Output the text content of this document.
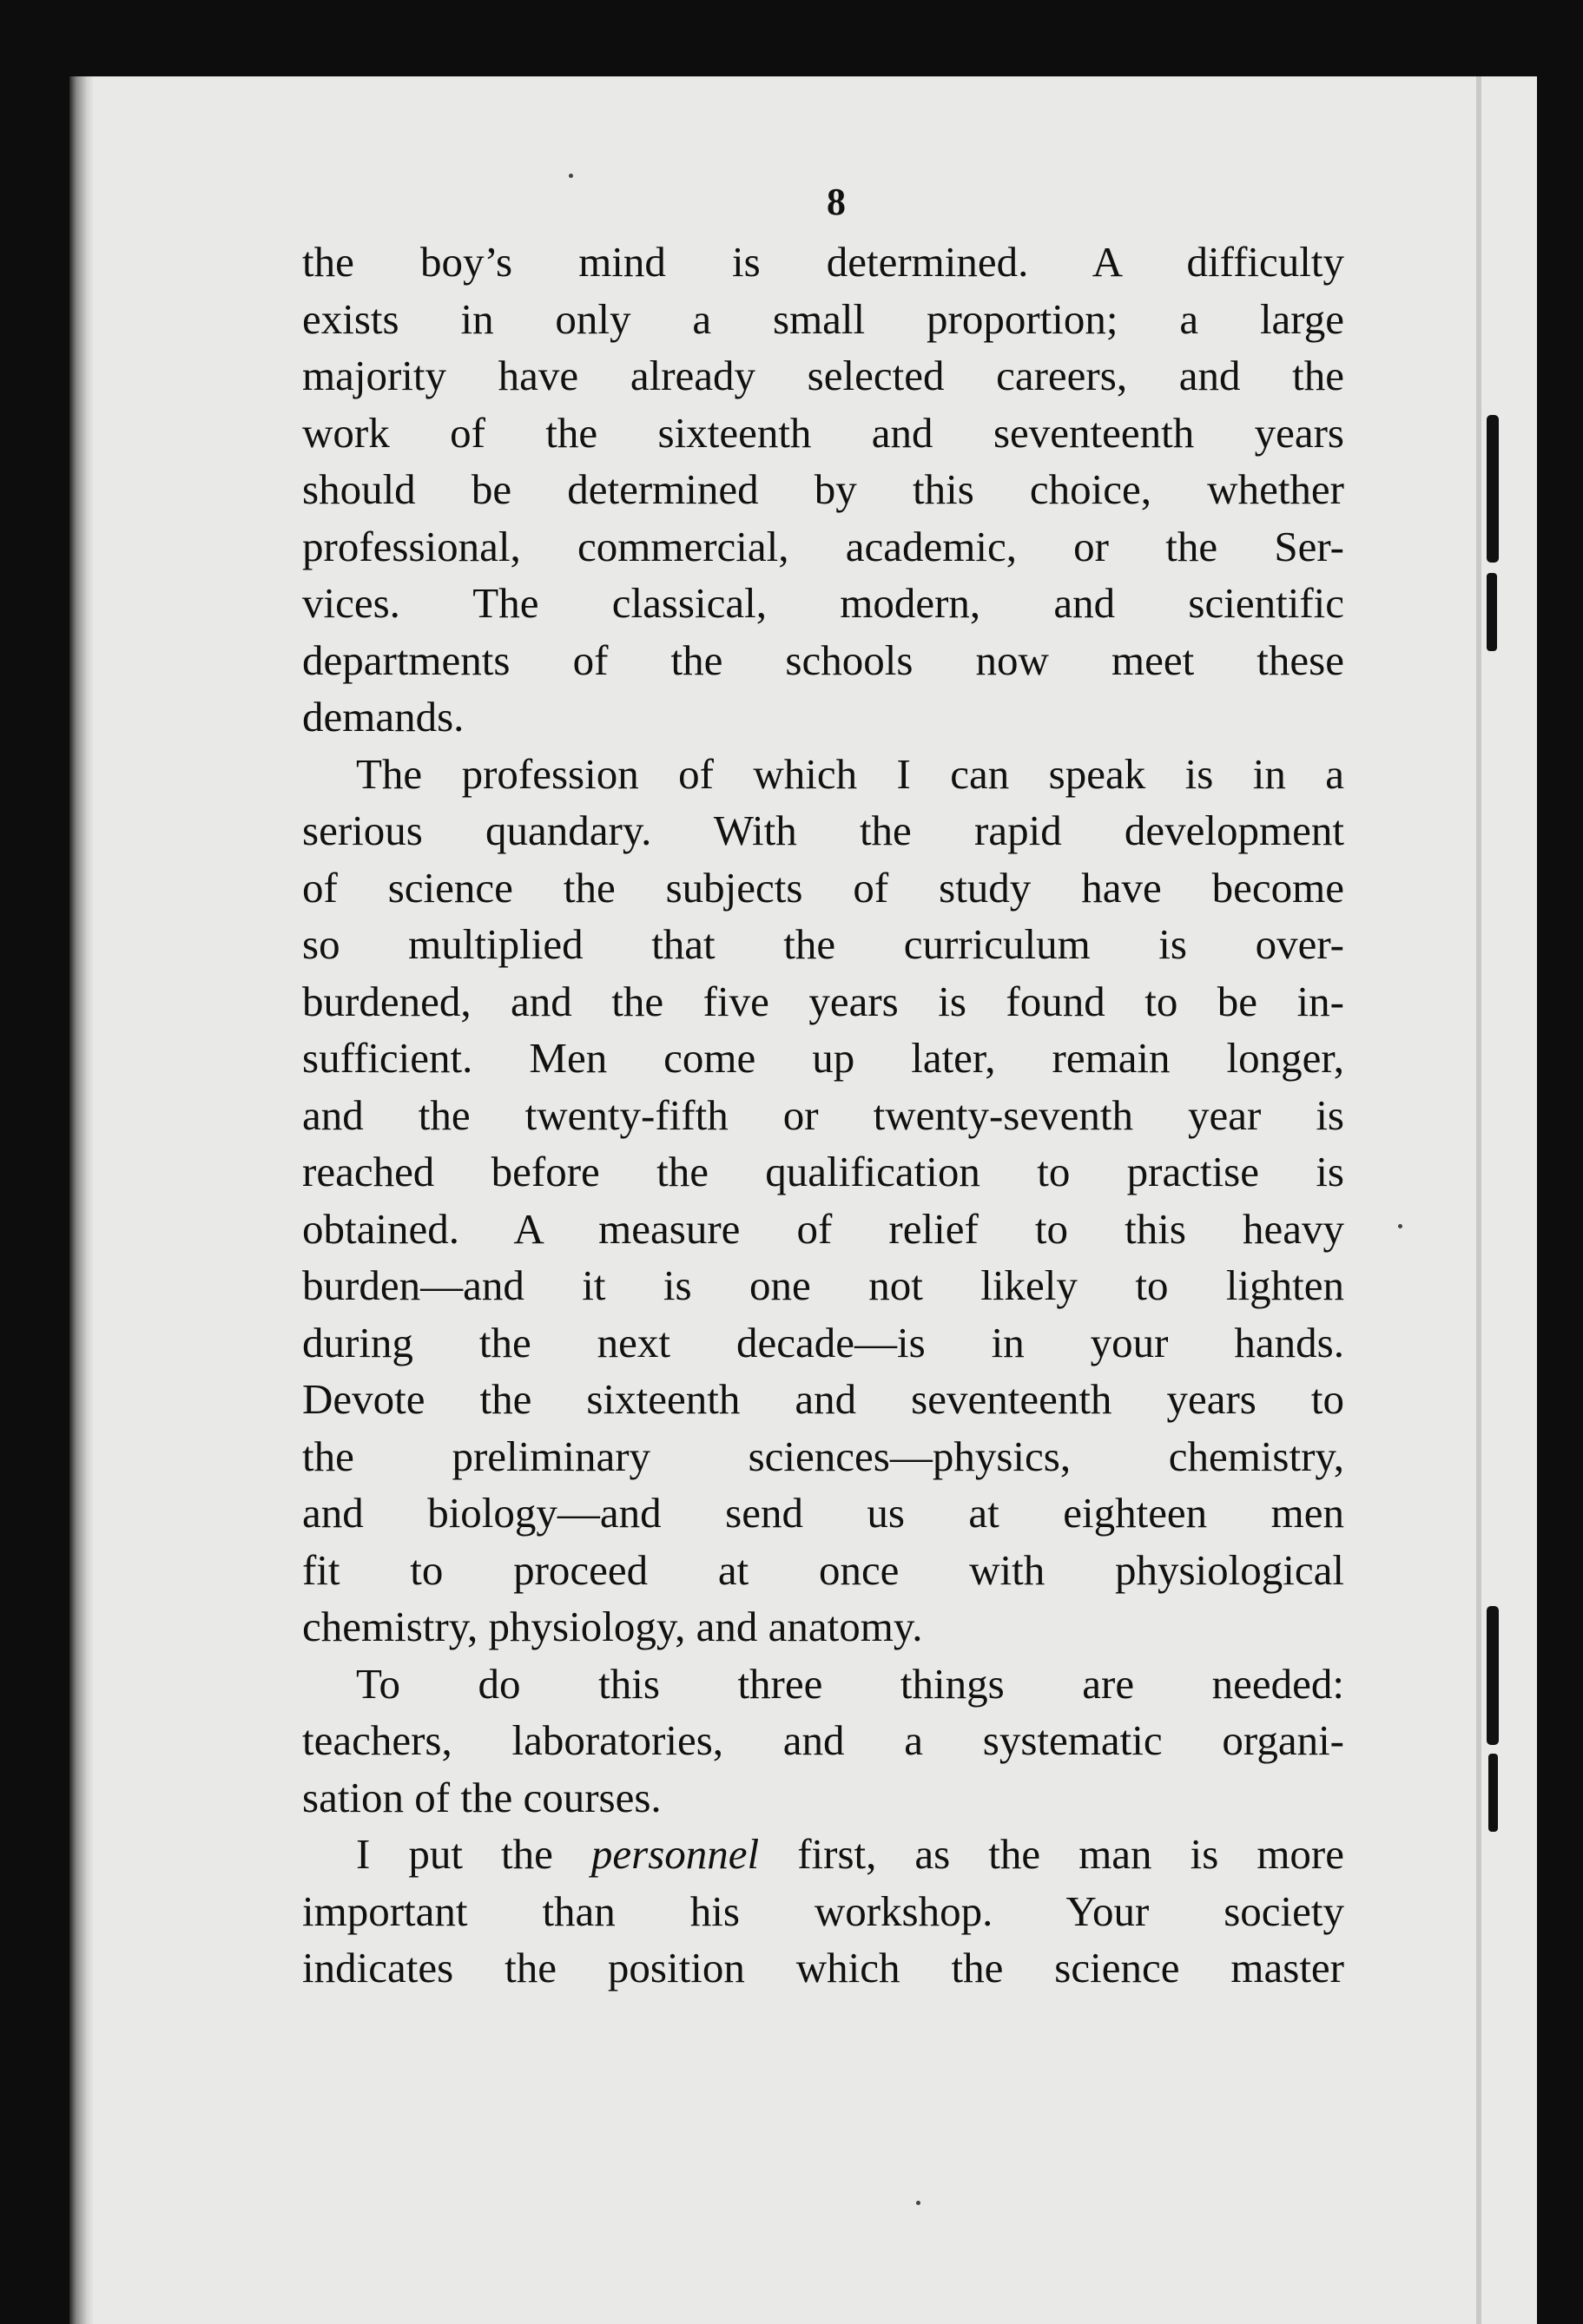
8
the boy’s mind is determined. A difficulty
exists in only a small proportion; a large
majority have already selected careers, and the
work of the sixteenth and seventeenth years
should be determined by this choice, whether
professional, commercial, academic, or the Ser-
vices. The classical, modern, and scientific
departments of the schools now meet these
demands.
The profession of which I can speak is in a
serious quandary. With the rapid development
of science the subjects of study have become
so multiplied that the curriculum is over-
burdened, and the five years is found to be in-
sufficient. Men come up later, remain longer,
and the twenty-fifth or twenty-seventh year is
reached before the qualification to practise is
obtained. A measure of relief to this heavy
burden—and it is one not likely to lighten
during the next decade—is in your hands.
Devote the sixteenth and seventeenth years to
the preliminary sciences—physics, chemistry,
and biology—and send us at eighteen men
fit to proceed at once with physiological
chemistry, physiology, and anatomy.
To do this three things are needed:
teachers, laboratories, and a systematic organi-
sation of the courses.
I put the personnel first, as the man is more
important than his workshop. Your society
indicates the position which the science master
